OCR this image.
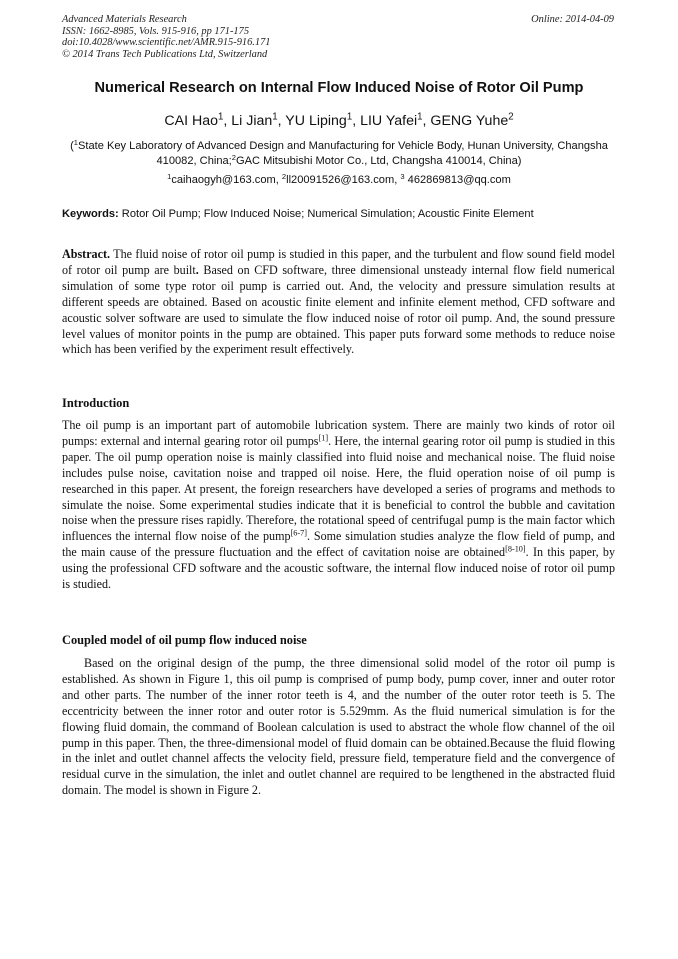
Advanced Materials Research
ISSN: 1662-8985, Vols. 915-916, pp 171-175
doi:10.4028/www.scientific.net/AMR.915-916.171
© 2014 Trans Tech Publications Ltd, Switzerland
Online: 2014-04-09
Numerical Research on Internal Flow Induced Noise of Rotor Oil Pump
CAI Hao$^1$, Li Jian$^1$, YU Liping$^1$, LIU Yafei$^1$, GENG Yuhe$^2$
($^1$State Key Laboratory of Advanced Design and Manufacturing for Vehicle Body, Hunan University, Changsha 410082, China;$^2$GAC Mitsubishi Motor Co., Ltd, Changsha 410014, China)
$^1$caihaogyh@163.com, $^2$ll20091526@163.com, $^3$ 462869813@qq.com
Keywords: Rotor Oil Pump; Flow Induced Noise; Numerical Simulation; Acoustic Finite Element

Abstract. The fluid noise of rotor oil pump is studied in this paper, and the turbulent and flow sound field model of rotor oil pump are built. Based on CFD software, three dimensional unsteady internal flow field numerical simulation of some type rotor oil pump is carried out. And, the velocity and pressure simulation results at different speeds are obtained. Based on acoustic finite element and infinite element method, CFD software and acoustic solver software are used to simulate the flow induced noise of rotor oil pump. And, the sound pressure level values of monitor points in the pump are obtained. This paper puts forward some methods to reduce noise which has been verified by the experiment result effectively.

Introduction

The oil pump is an important part of automobile lubrication system. There are mainly two kinds of rotor oil pumps: external and internal gearing rotor oil pumps[1]. Here, the internal gearing rotor oil pump is studied in this paper. The oil pump operation noise is mainly classified into fluid noise and mechanical noise. The fluid noise includes pulse noise, cavitation noise and trapped oil noise. Here, the fluid operation noise of oil pump is researched in this paper. At present, the foreign researchers have developed a series of programs and methods to simulate the noise. Some experimental studies indicate that it is beneficial to control the bubble and cavitation noise when the pressure rises rapidly. Therefore, the rotational speed of centrifugal pump is the main factor which influences the internal flow noise of the pump[6-7]. Some simulation studies analyze the flow field of pump, and the main cause of the pressure fluctuation and the effect of cavitation noise are obtained[8-10]. In this paper, by using the professional CFD software and the acoustic software, the internal flow induced noise of rotor oil pump is studied.

Coupled model of oil pump flow induced noise

Based on the original design of the pump, the three dimensional solid model of the rotor oil pump is established. As shown in Figure 1, this oil pump is comprised of pump body, pump cover, inner and outer rotor and other parts. The number of the inner rotor teeth is 4, and the number of the outer rotor teeth is 5. The eccentricity between the inner rotor and outer rotor is 5.529mm. As the fluid numerical simulation is for the flowing fluid domain, the command of Boolean calculation is used to abstract the whole flow channel of the oil pump in this paper. Then, the three-dimensional model of fluid domain can be obtained.Because the fluid flowing in the inlet and outlet channel affects the velocity field, pressure field, temperature field and the convergence of residual curve in the simulation, the inlet and outlet channel are required to be lengthened in the abstracted fluid domain. The model is shown in Figure 2.
